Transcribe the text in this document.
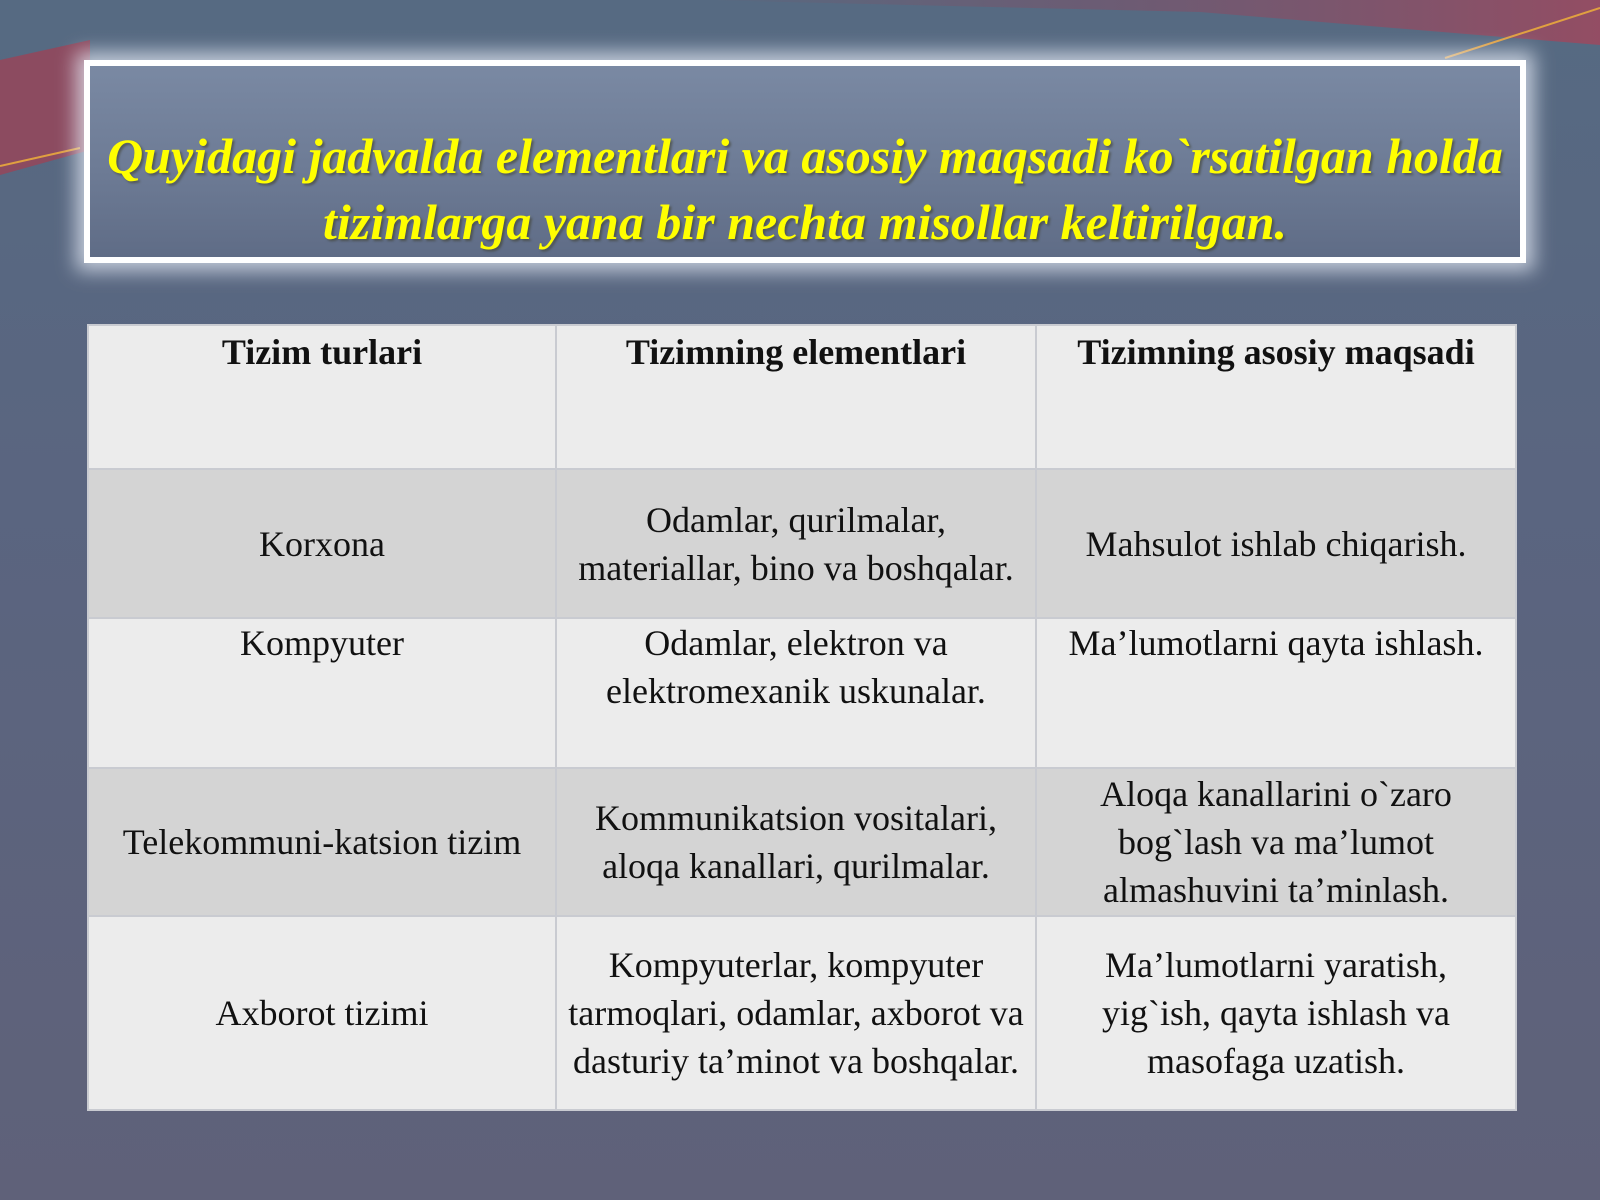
Quyidagi jadvalda elementlari va asosiy maqsadi ko`rsatilgan holda tizimlarga yana bir nechta misollar keltirilgan.

Tizim turlari	Tizimning elementlari	Tizimning asosiy maqsadi
Korxona	Odamlar, qurilmalar, materiallar, bino va boshqalar.	Mahsulot ishlab chiqarish.
Kompyuter	Odamlar, elektron va elektromexanik uskunalar.	Ma’lumotlarni qayta ishlash.
Telekommuni-katsion tizim	Kommunikatsion vositalari, aloqa kanallari, qurilmalar.	Aloqa kanallarini o`zaro bog`lash va ma’lumot almashuvini ta’minlash.
Axborot tizimi	Kompyuterlar, kompyuter tarmoqlari, odamlar, axborot va dasturiy ta’minot va boshqalar.	Ma’lumotlarni yaratish, yig`ish, qayta ishlash va masofaga uzatish.
